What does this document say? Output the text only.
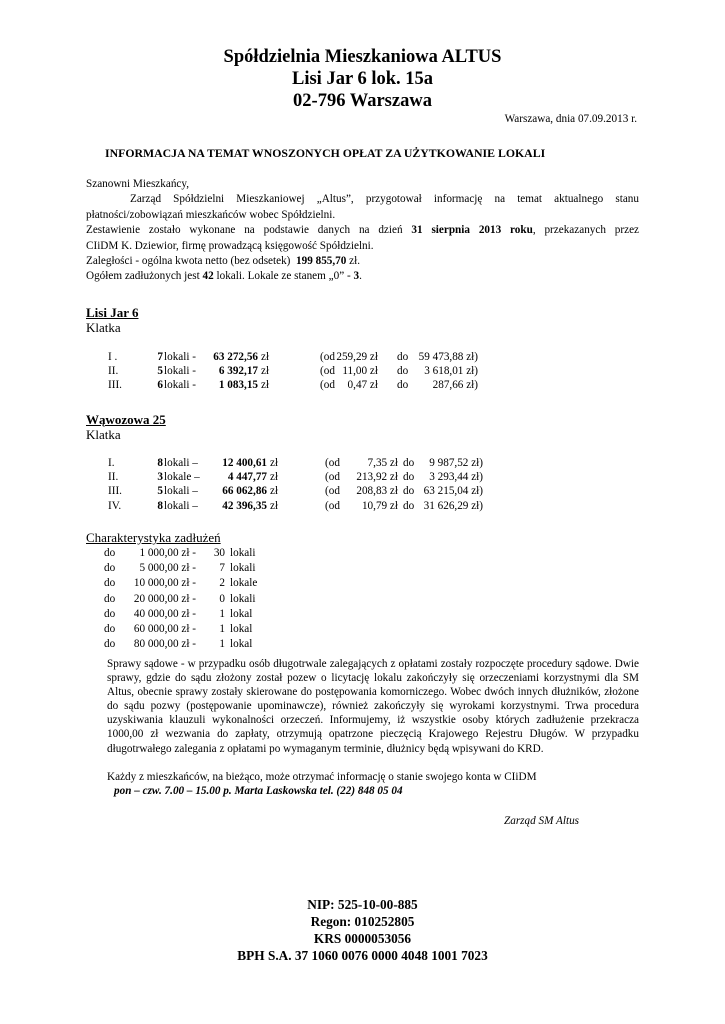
Spółdzielnia Mieszkaniowa ALTUS
Lisi Jar 6 lok. 15a
02-796 Warszawa
Warszawa, dnia 07.09.2013 r.
INFORMACJA NA TEMAT WNOSZONYCH OPŁAT ZA UŻYTKOWANIE LOKALI
Szanowni Mieszkańcy,
Zarząd Spółdzielni Mieszkaniowej „Altus”, przygotował informację na temat aktualnego stanu
płatności/zobowiązań mieszkańców wobec Spółdzielni.
Zestawienie zostało wykonane na podstawie danych na dzień 31 sierpnia 2013 roku, przekazanych przez
CIiDM K. Dziewior, firmę prowadzącą księgowość Spółdzielni.
Zaległości - ogólna kwota netto (bez odsetek) 199 855,70 zł.
Ogółem zadłużonych jest 42 lokali. Lokale ze stanem „0” - 3.
Lisi Jar 6
Klatka
I .	7 lokali -	63 272,56 zł	(od 259,29 zł do 59 473,88 zł)
II.	5 lokali -	6 392,17 zł	(od 11,00 zł do	3 618,01 zł)
III.	6 lokali -	1 083,15 zł	(od	0,47 zł do	287,66 zł)
Wąwozowa 25
Klatka
I.	8 lokali –	12 400,61 zł	(od	7,35 zł do	9 987,52 zł)
II.	3 lokale –	4 447,77 zł	(od	213,92 zł do	3 293,44 zł)
III.	5 lokali –	66 062,86 zł	(od	208,83 zł do 63 215,04 zł)
IV.	8 lokali –	42 396,35 zł	(od	10,79 zł do 31 626,29 zł)
Charakterystyka zadłużeń
do	1 000,00 zł -	30 lokali
do	5 000,00 zł -	7 lokali
do	10 000,00 zł -	2 lokale
do	20 000,00 zł -	0 lokali
do	40 000,00 zł -	1 lokal
do	60 000,00 zł -	1 lokal
do	80 000,00 zł -	1 lokal
Sprawy sądowe - w przypadku osób długotrwale zalegających z opłatami zostały rozpoczęte procedury sądowe. Dwie sprawy, gdzie do sądu złożony został pozew o licytację lokalu zakończyły się orzeczeniami korzystnymi dla SM Altus, obecnie sprawy zostały skierowane do postępowania komorniczego. Wobec dwóch innych dłużników, złożone do sądu pozwy (postępowanie upominawcze), również zakończyły się wyrokami korzystnymi. Trwa procedura uzyskiwania klauzuli wykonalności orzeczeń. Informujemy, iż wszystkie osoby których zadłużenie przekracza 1000,00 zł wezwania do zapłaty, otrzymują opatrzone pieczęcią Krajowego Rejestru Długów. W przypadku długotrwałego zalegania z opłatami po wymaganym terminie, dłużnicy będą wpisywani do KRD.
Każdy z mieszkańców, na bieżąco, może otrzymać informację o stanie swojego konta w CIiDM
pon – czw. 7.00 – 15.00 p. Marta Laskowska tel. (22) 848 05 04
Zarząd SM Altus
NIP: 525-10-00-885
Regon: 010252805
KRS 0000053056
BPH S.A. 37 1060 0076 0000 4048 1001 7023
